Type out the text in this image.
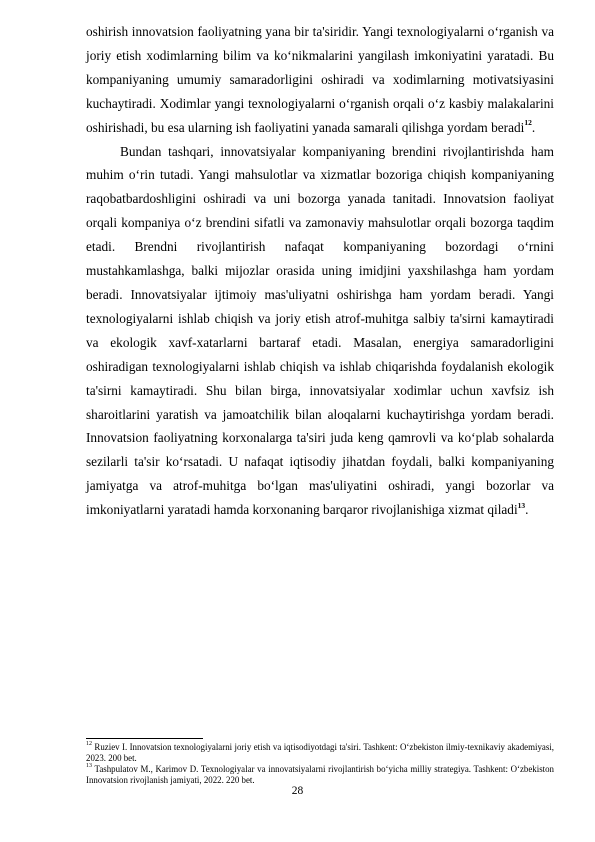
oshirish innovatsion faoliyatning yana bir ta'siridir. Yangi texnologiyalarni o‘rganish va joriy etish xodimlarning bilim va ko‘nikmalarini yangilash imkoniyatini yaratadi. Bu kompaniyaning umumiy samaradorligini oshiradi va xodimlarning motivatsiyasini kuchaytiradi. Xodimlar yangi texnologiyalarni o‘rganish orqali o‘z kasbiy malakalarini oshirishadi, bu esa ularning ish faoliyatini yanada samarali qilishga yordam beradi$^{12}$.

Bundan tashqari, innovatsiyalar kompaniyaning brendini rivojlantirishda ham muhim o‘rin tutadi. Yangi mahsulotlar va xizmatlar bozoriga chiqish kompaniyaning raqobatbardoshligini oshiradi va uni bozorga yanada tanitadi. Innovatsion faoliyat orqali kompaniya o‘z brendini sifatli va zamonaviy mahsulotlar orqali bozorga taqdim etadi. Brendni rivojlantirish nafaqat kompaniyaning bozordagi o‘rnini mustahkamlashga, balki mijozlar orasida uning imidjini yaxshilashga ham yordam beradi. Innovatsiyalar ijtimoiy mas'uliyatni oshirishga ham yordam beradi. Yangi texnologiyalarni ishlab chiqish va joriy etish atrof-muhitga salbiy ta'sirni kamaytiradi va ekologik xavf-xatarlarni bartaraf etadi. Masalan, energiya samaradorligini oshiradigan texnologiyalarni ishlab chiqish va ishlab chiqarishda foydalanish ekologik ta'sirni kamaytiradi. Shu bilan birga, innovatsiyalar xodimlar uchun xavfsiz ish sharoitlarini yaratish va jamoatchilik bilan aloqalarni kuchaytirishga yordam beradi. Innovatsion faoliyatning korxonalarga ta'siri juda keng qamrovli va ko‘plab sohalarda sezilarli ta'sir ko‘rsatadi. U nafaqat iqtisodiy jihatdan foydali, balki kompaniyaning jamiyatga va atrof-muhitga bo‘lgan mas'uliyatini oshiradi, yangi bozorlar va imkoniyatlarni yaratadi hamda korxonaning barqaror rivojlanishiga xizmat qiladi$^{13}$.

$^{12}$ Ruziev I. Innovatsion texnologiyalarni joriy etish va iqtisodiyotdagi ta'siri. Tashkent: O‘zbekiston ilmiy-texnikaviy akademiyasi, 2023. 200 bet.

$^{13}$ Tashpulatov M., Karimov D. Texnologiyalar va innovatsiyalarni rivojlantirish bo‘yicha milliy strategiya. Tashkent: O‘zbekiston Innovatsion rivojlanish jamiyati, 2022. 220 bet.

28
